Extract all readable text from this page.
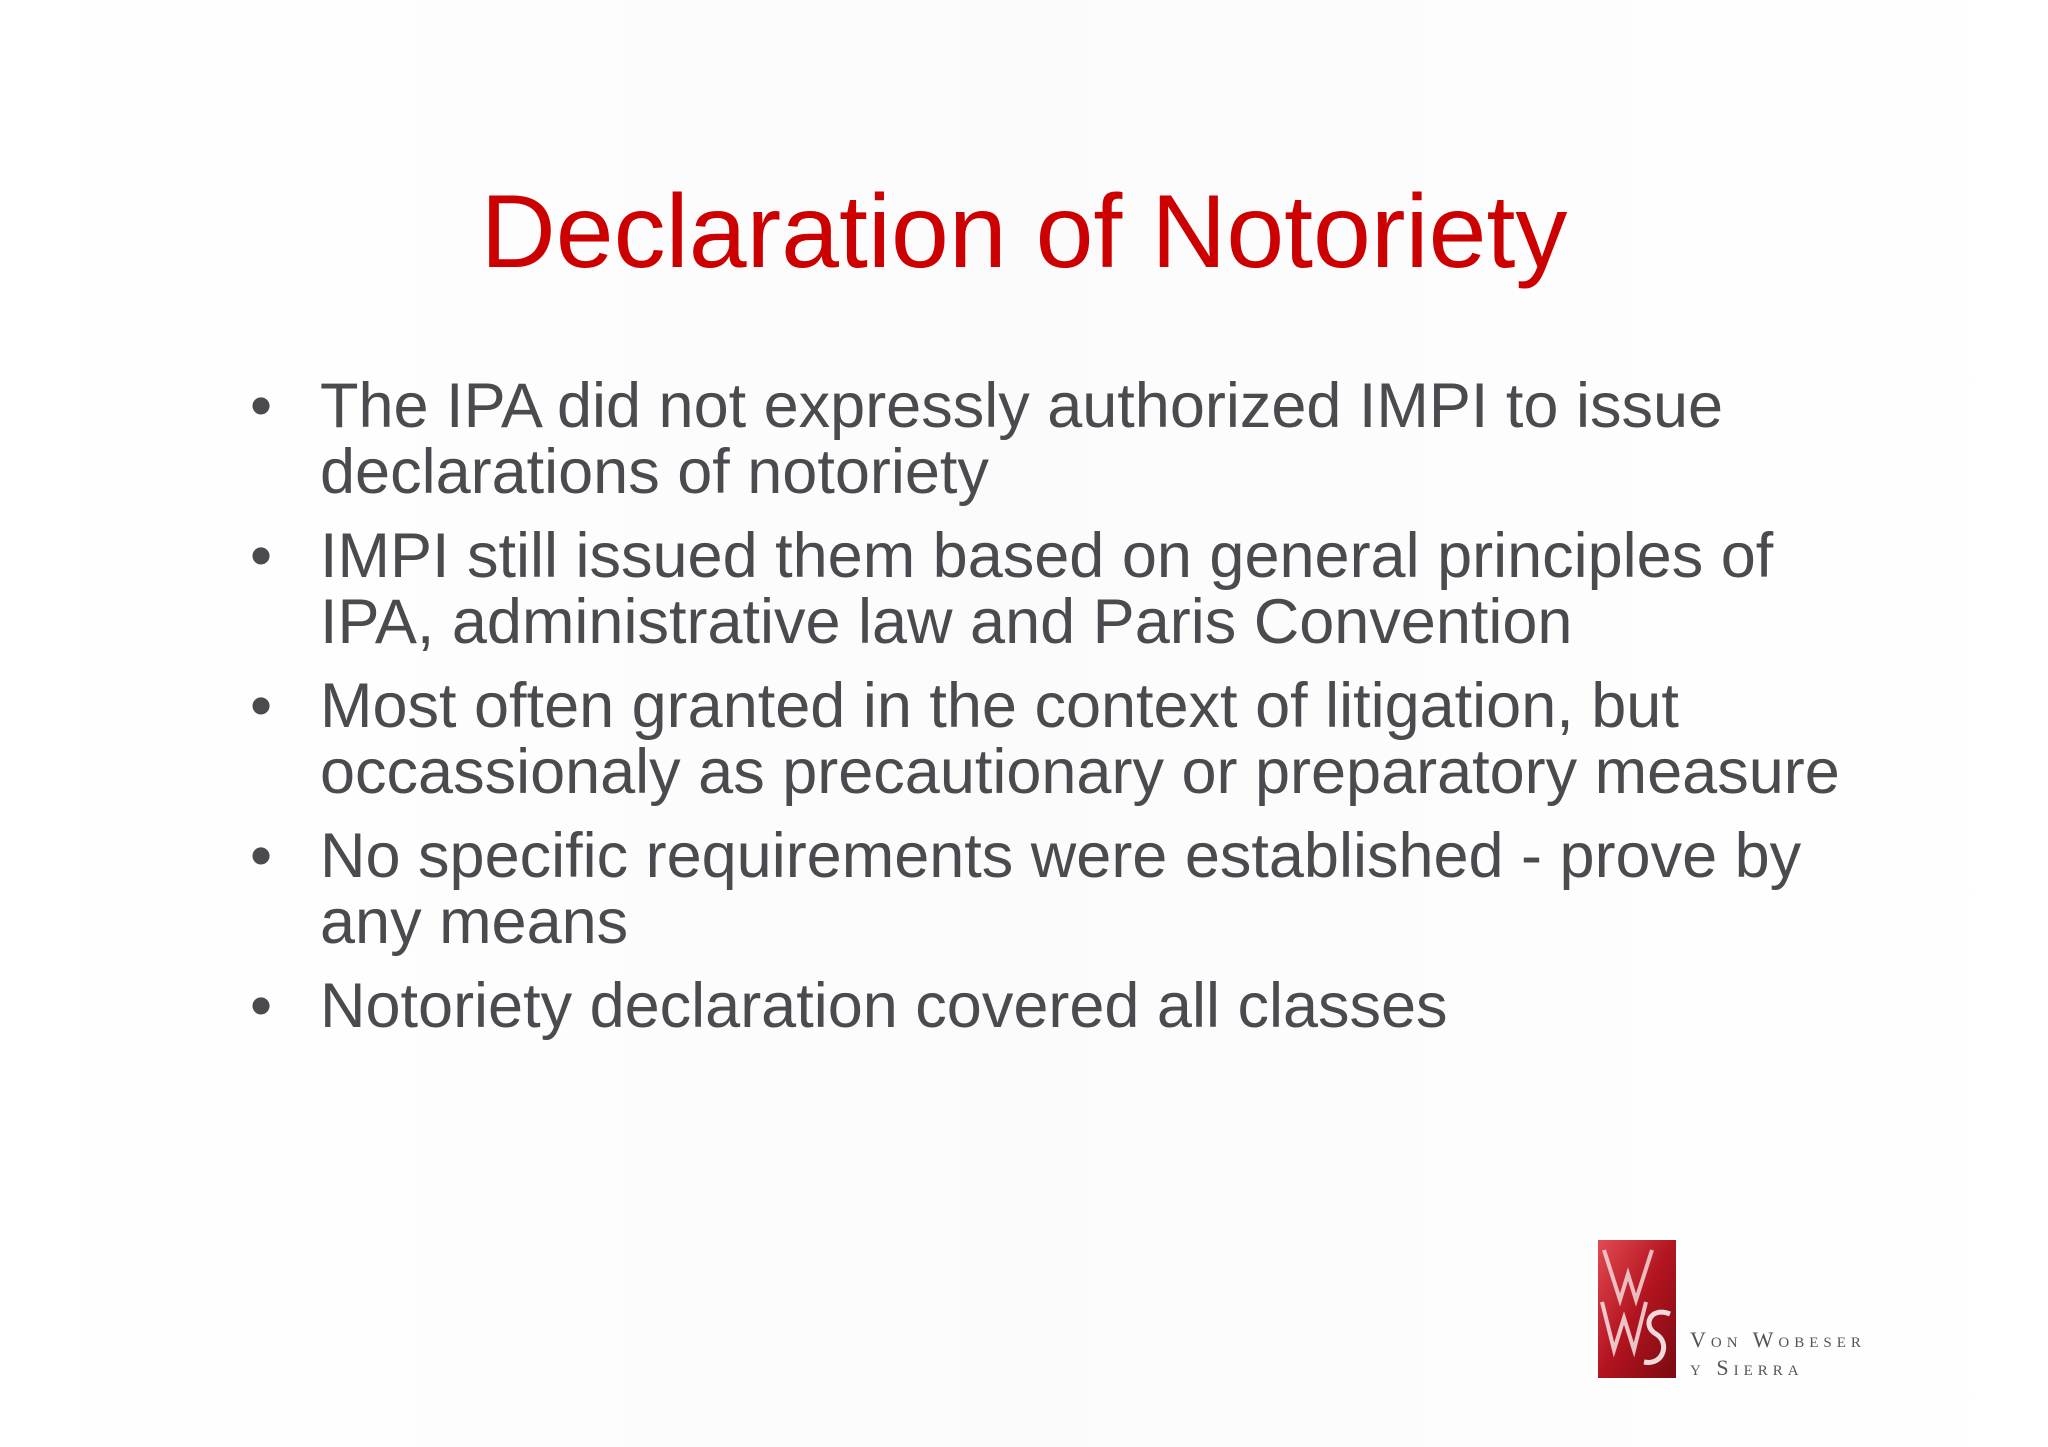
Declaration of Notoriety
• The IPA did not expressly authorized IMPI to issue declarations of notoriety
• IMPI still issued them based on general principles of IPA, administrative law and Paris Convention
• Most often granted in the context of litigation, but occassionaly as precautionary or preparatory measure
• No specific requirements were established - prove by any means
• Notoriety declaration covered all classes
Von Wobeser
y Sierra
